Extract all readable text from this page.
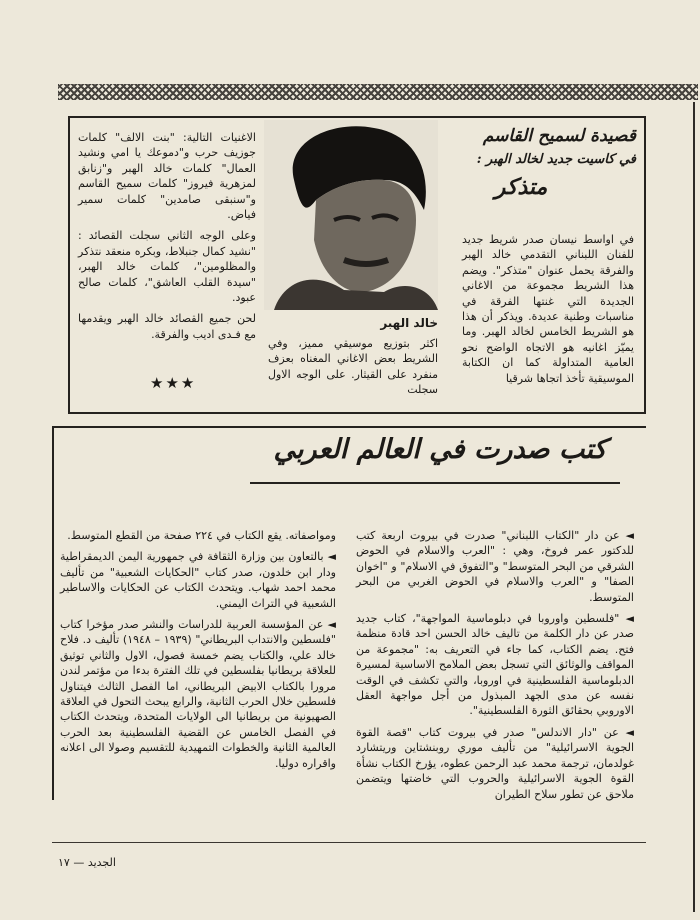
قصيدة لسميح القاسم
في كاسيت جديد لخالد الهبر :
متذكر
في اواسط نيسان صدر شريط جديد للفنان اللبناني التقدمي خالد الهبر والفرقة يحمل عنوان "متذكر". ويضم هذا الشريط مجموعة من الاغاني الجديدة التي غنتها الفرقة في مناسبات وطنية عديدة. ويذكر أن هذا هو الشريط الخامس لخالد الهبر. وما يميّز اغانيه هو الاتجاه الواضح نحو العامية المتداولة كما ان الكتابة الموسيقية تأخذ اتجاها شرقيا
خالد الهبر
اكثر بتوزيع موسيقي مميز، وفي الشريط بعض الاغاني المغناه بعزف منفرد على القيثار. على الوجه الاول سجلت

الاغنيات التالية: "بنت الالف" كلمات جوزيف حرب و"دموعك يا امي ونشيد العمال" كلمات خالد الهبر و"زنابق لمزهرية فيروز" كلمات سميح القاسم و"سنبقى صامدين" كلمات سمير فياض.

وعلى الوجه الثاني سجلت القصائد : "نشيد كمال جنبلاط، وبكره منعقد نتذكر والمظلومين"، كلمات خالد الهبر، "سيدة القلب العاشق"، كلمات صالح عبود.

لحن جميع القصائد خالد الهبر ويقدمها مع فـدى اديب والفرقة.

★★★
كتب صدرت في العالم العربي

◄ عن دار "الكتاب اللبناني" صدرت في بيروت اربعة كتب للدكتور عمر فروخ، وهي : "العرب والاسلام في الحوض الشرقي من البحر المتوسط" و"التفوق في الاسلام" و "اخوان الصفا" و "العرب والاسلام في الحوض الغربي من البحر المتوسط.

◄ "فلسطين واوروبا في دبلوماسية المواجهة"، كتاب جديد صدر عن دار الكلمة من تاليف خالد الحسن احد قادة منظمة فتح. يضم الكتاب، كما جاء في التعريف به: "مجموعة من المواقف والوثائق التي تسجل بعض الملامح الاساسية لمسيرة الدبلوماسية الفلسطينية في اوروبا، والتي تكشف في الوقت نفسه عن مدى الجهد المبذول من أجل مواجهة العقل الاوروبي بحقائق الثورة الفلسطينية".

◄ عن "دار الاندلس" صدر في بيروت كتاب "قصة القوة الجوية الاسرائيلية" من تأليف موري روبنشتاين وريتشارد غولدمان، ترجمة محمد عبد الرحمن عطوه، يؤرخ الكتاب نشأة القوة الجوية الاسرائيلية والحروب التي خاضتها ويتضمن ملاحق عن تطور سلاح الطيران

ومواصفاته. يقع الكتاب في ٢٢٤ صفحة من القطع المتوسط.

◄ بالتعاون بين وزارة الثقافة في جمهورية اليمن الديمقراطية ودار ابن خلدون، صدر كتاب "الحكايات الشعبية" من تأليف محمد احمد شهاب. ويتحدث الكتاب عن الحكايات والاساطير الشعبية في التراث اليمني.

◄ عن المؤسسة العربية للدراسات والنشر صدر مؤخرا كتاب "فلسطين والانتداب البريطاني" (١٩٣٩ – ١٩٤٨) تأليف د. فلاح خالد علي، والكتاب يضم خمسة فصول، الاول والثاني توثيق للعلاقة بريطانيا بفلسطين في تلك الفترة بدءا من مؤتمر لندن مرورا بالكتاب الابيض البريطاني، اما الفصل الثالث فيتناول فلسطين خلال الحرب الثانية، والرابع يبحث التحول في العلاقة الصهيونية من بريطانيا الى الولايات المتحدة، ويتحدث الكتاب في الفصل الخامس عن القضية الفلسطينية بعد الحرب العالمية الثانية والخطوات التمهيدية للتقسيم وصولا الى اعلانه واقراره دوليا.

الجديد — ١٧
